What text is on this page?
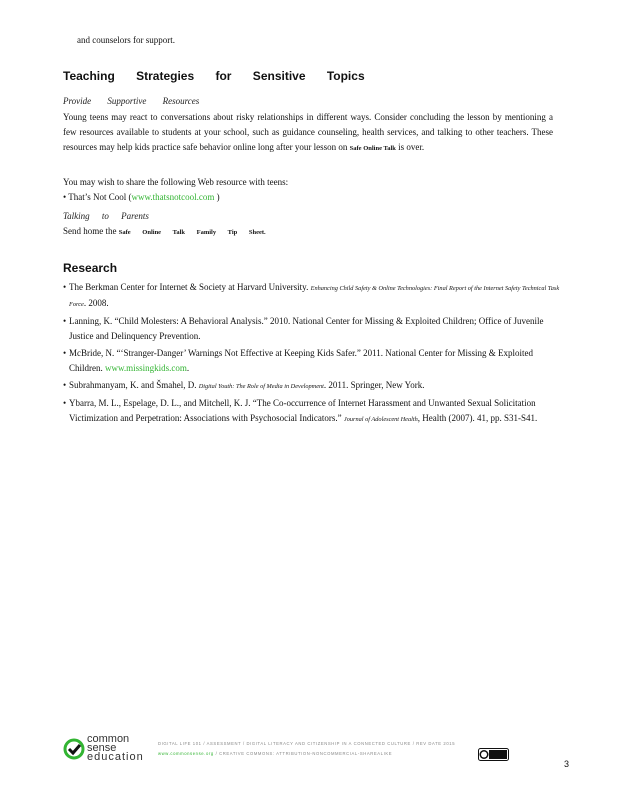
and counselors for support.
Teaching Strategies for Sensitive Topics
Provide Supportive Resources
Young teens may react to conversations about risky relationships in different ways. Consider concluding the lesson by mentioning a few resources available to students at your school, such as guidance counseling, health services, and talking to other teachers. These resources may help kids practice safe behavior online long after your lesson on Safe Online Talk is over.
You may wish to share the following Web resource with teens:
• That’s Not Cool (www.thatsnotcool.com )
Talking to Parents
Send home the Safe Online Talk Family Tip Sheet.
Research
• The Berkman Center for Internet & Society at Harvard University. Enhancing Child Safety & Online Technologies: Final Report of the Internet Safety Technical Task Force. 2008.
• Lanning, K. “Child Molesters: A Behavioral Analysis.” 2010. National Center for Missing & Exploited Children; Office of Juvenile Justice and Delinquency Prevention.
• McBride, N. “‘Stranger-Danger’ Warnings Not Effective at Keeping Kids Safer.” 2011. National Center for Missing & Exploited Children. www.missingkids.com.
• Subrahmanyam, K. and Šmahel, D. Digital Youth: The Role of Media in Development. 2011. Springer, New York.
• Ybarra, M. L., Espelage, D. L., and Mitchell, K. J. “The Co-occurrence of Internet Harassment and Unwanted Sexual Solicitation Victimization and Perpetration: Associations with Psychosocial Indicators.” Journal of Adolescent Health, Health (2007). 41, pp. S31-S41.
common
sense
education
DIGITAL LIFE 101 / ASSESSMENT / DIGITAL LITERACY AND CITIZENSHIP IN A CONNECTED CULTURE / REV DATE 2015
www.commonsense.org / CREATIVE COMMONS: ATTRIBUTION-NONCOMMERCIAL-SHAREALIKE
3
